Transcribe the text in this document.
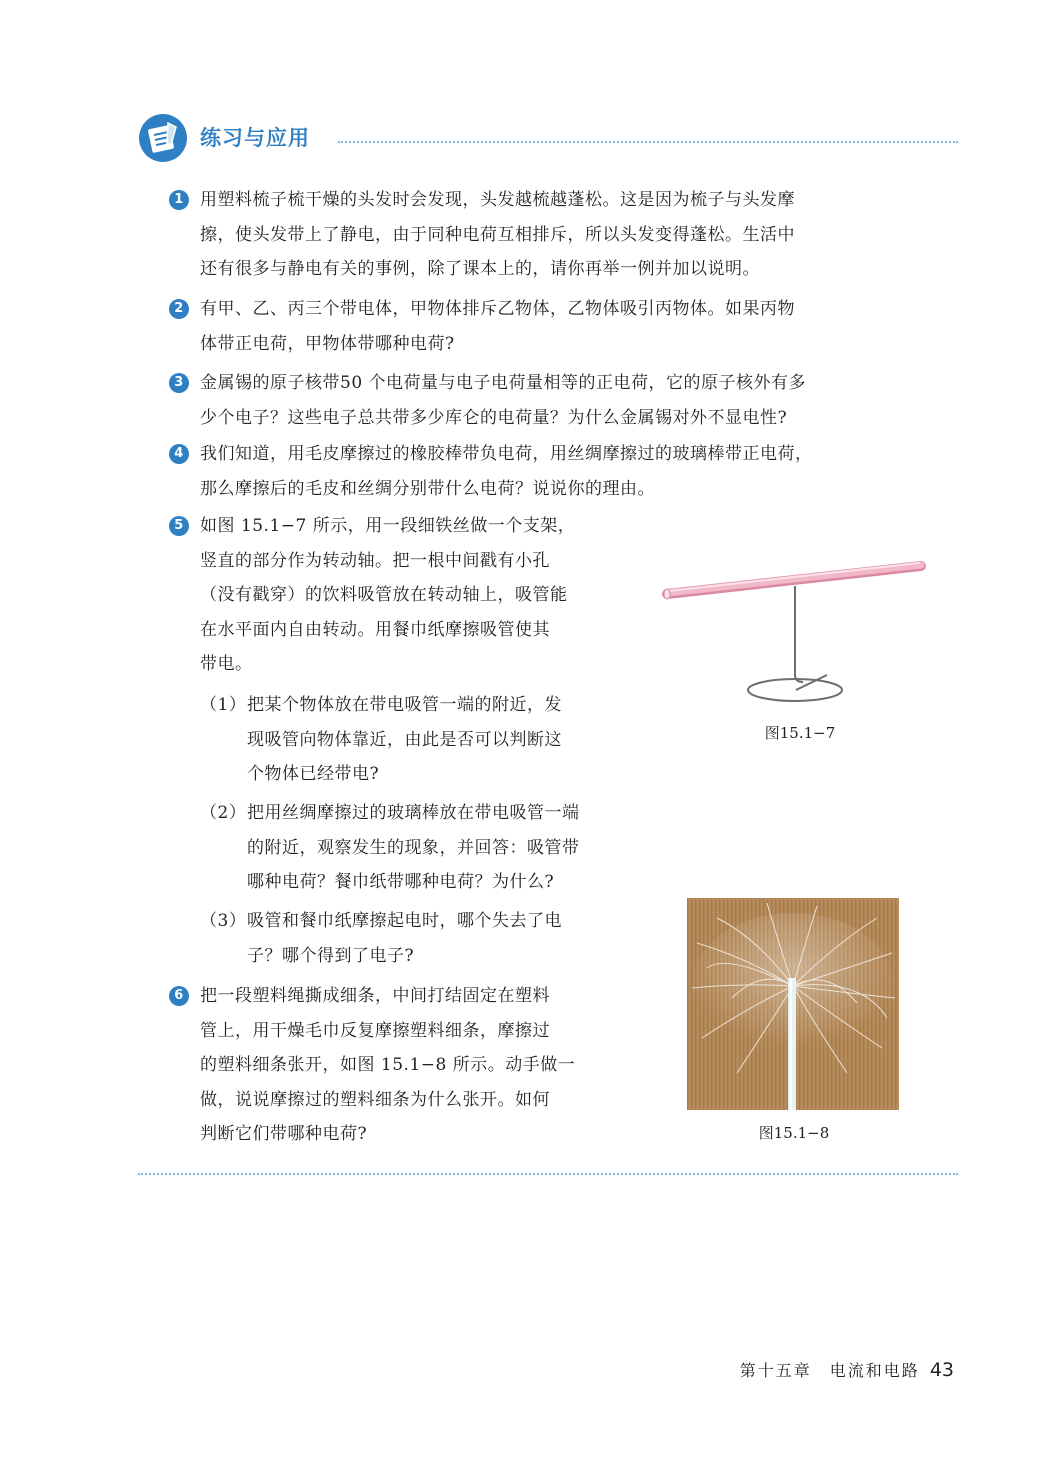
练习与应用
1 用塑料梳子梳干燥的头发时会发现，头发越梳越蓬松。这是因为梳子与头发摩
擦，使头发带上了静电，由于同种电荷互相排斥，所以头发变得蓬松。生活中
还有很多与静电有关的事例，除了课本上的，请你再举一例并加以说明。
2 有甲、乙、丙三个带电体，甲物体排斥乙物体，乙物体吸引丙物体。如果丙物
体带正电荷，甲物体带哪种电荷?
3 金属锡的原子核带50 个电荷量与电子电荷量相等的正电荷，它的原子核外有多
少个电子？这些电子总共带多少库仑的电荷量？为什么金属锡对外不显电性?
4 我们知道，用毛皮摩擦过的橡胶棒带负电荷，用丝绸摩擦过的玻璃棒带正电荷，
那么摩擦后的毛皮和丝绸分别带什么电荷？说说你的理由。
5 如图 15.1−7 所示，用一段细铁丝做一个支架，
竖直的部分作为转动轴。把一根中间戳有小孔
（没有戳穿）的饮料吸管放在转动轴上，吸管能
在水平面内自由转动。用餐巾纸摩擦吸管使其
带电。
（1） 把某个物体放在带电吸管一端的附近，发
现吸管向物体靠近，由此是否可以判断这
个物体已经带电?
（2） 把用丝绸摩擦过的玻璃棒放在带电吸管一端
的附近，观察发生的现象，并回答：吸管带
哪种电荷？餐巾纸带哪种电荷？为什么?
（3） 吸管和餐巾纸摩擦起电时，哪个失去了电
子？哪个得到了电子?
6 把一段塑料绳撕成细条，中间打结固定在塑料
管上，用干燥毛巾反复摩擦塑料细条，摩擦过
的塑料细条张开，如图 15.1−8 所示。动手做一
做，说说摩擦过的塑料细条为什么张开。如何
判断它们带哪种电荷?
图15.1−7
图15.1−8
第十五章　电流和电路 43
